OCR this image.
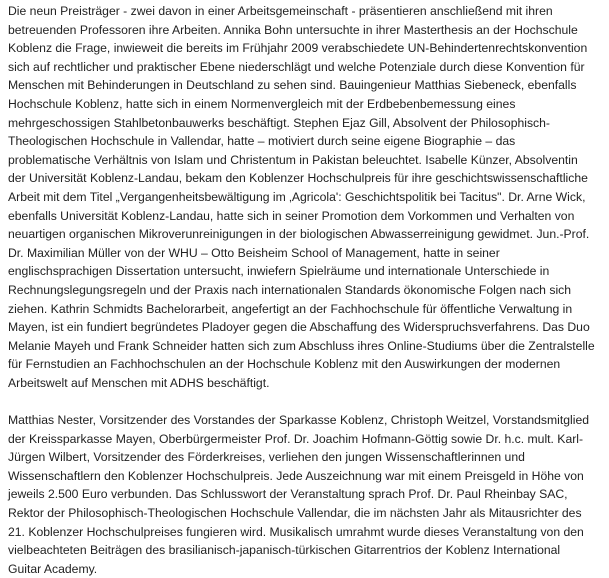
Die neun Preisträger - zwei davon in einer Arbeitsgemeinschaft - präsentieren anschließend mit ihren
betreuenden Professoren ihre Arbeiten. Annika Bohn untersuchte in ihrer Masterthesis an der Hochschule
Koblenz die Frage, inwieweit die bereits im Frühjahr 2009 verabschiedete UN-Behindertenrechtskonvention
sich auf rechtlicher und praktischer Ebene niederschlägt und welche Potenziale durch diese Konvention für
Menschen mit Behinderungen in Deutschland zu sehen sind. Bauingenieur Matthias Siebeneck, ebenfalls
Hochschule Koblenz, hatte sich in einem Normenvergleich mit der Erdbebenbemessung eines
mehrgeschossigen Stahlbetonbauwerks beschäftigt. Stephen Ejaz Gill, Absolvent der Philosophisch-
Theologischen Hochschule in Vallendar, hatte – motiviert durch seine eigene Biographie – das
problematische Verhältnis von Islam und Christentum in Pakistan beleuchtet. Isabelle Künzer, Absolventin
der Universität Koblenz-Landau, bekam den Koblenzer Hochschulpreis für ihre geschichtswissenschaftliche
Arbeit mit dem Titel „Vergangenheitsbewältigung im ‚Agricola': Geschichtspolitik bei Tacitus". Dr. Arne Wick,
ebenfalls Universität Koblenz-Landau, hatte sich in seiner Promotion dem Vorkommen und Verhalten von
neuartigen organischen Mikroverunreinigungen in der biologischen Abwasserreinigung gewidmet. Jun.-Prof.
Dr. Maximilian Müller von der WHU – Otto Beisheim School of Management, hatte in seiner
englischsprachigen Dissertation untersucht, inwiefern Spielräume und internationale Unterschiede in
Rechnungslegungsregeln und der Praxis nach internationalen Standards ökonomische Folgen nach sich
ziehen. Kathrin Schmidts Bachelorarbeit, angefertigt an der Fachhochschule für öffentliche Verwaltung in
Mayen, ist ein fundiert begründetes Pladoyer gegen die Abschaffung des Widerspruchsverfahrens. Das Duo
Melanie Mayeh und Frank Schneider hatten sich zum Abschluss ihres Online-Studiums über die Zentralstelle
für Fernstudien an Fachhochschulen an der Hochschule Koblenz mit den Auswirkungen der modernen
Arbeitswelt auf Menschen mit ADHS beschäftigt.

Matthias Nester, Vorsitzender des Vorstandes der Sparkasse Koblenz, Christoph Weitzel, Vorstandsmitglied
der Kreissparkasse Mayen, Oberbürgermeister Prof. Dr. Joachim Hofmann-Göttig sowie Dr. h.c. mult. Karl-
Jürgen Wilbert, Vorsitzender des Förderkreises, verliehen den jungen Wissenschaftlerinnen und
Wissenschaftlern den Koblenzer Hochschulpreis. Jede Auszeichnung war mit einem Preisgeld in Höhe von
jeweils 2.500 Euro verbunden. Das Schlusswort der Veranstaltung sprach Prof. Dr. Paul Rheinbay SAC,
Rektor der Philosophisch-Theologischen Hochschule Vallendar, die im nächsten Jahr als Mitausrichter des
21. Koblenzer Hochschulpreises fungieren wird. Musikalisch umrahmt wurde dieses Veranstaltung von den
vielbeachteten Beiträgen des brasilianisch-japanisch-türkischen Gitarrentrios der Koblenz International
Guitar Academy.
